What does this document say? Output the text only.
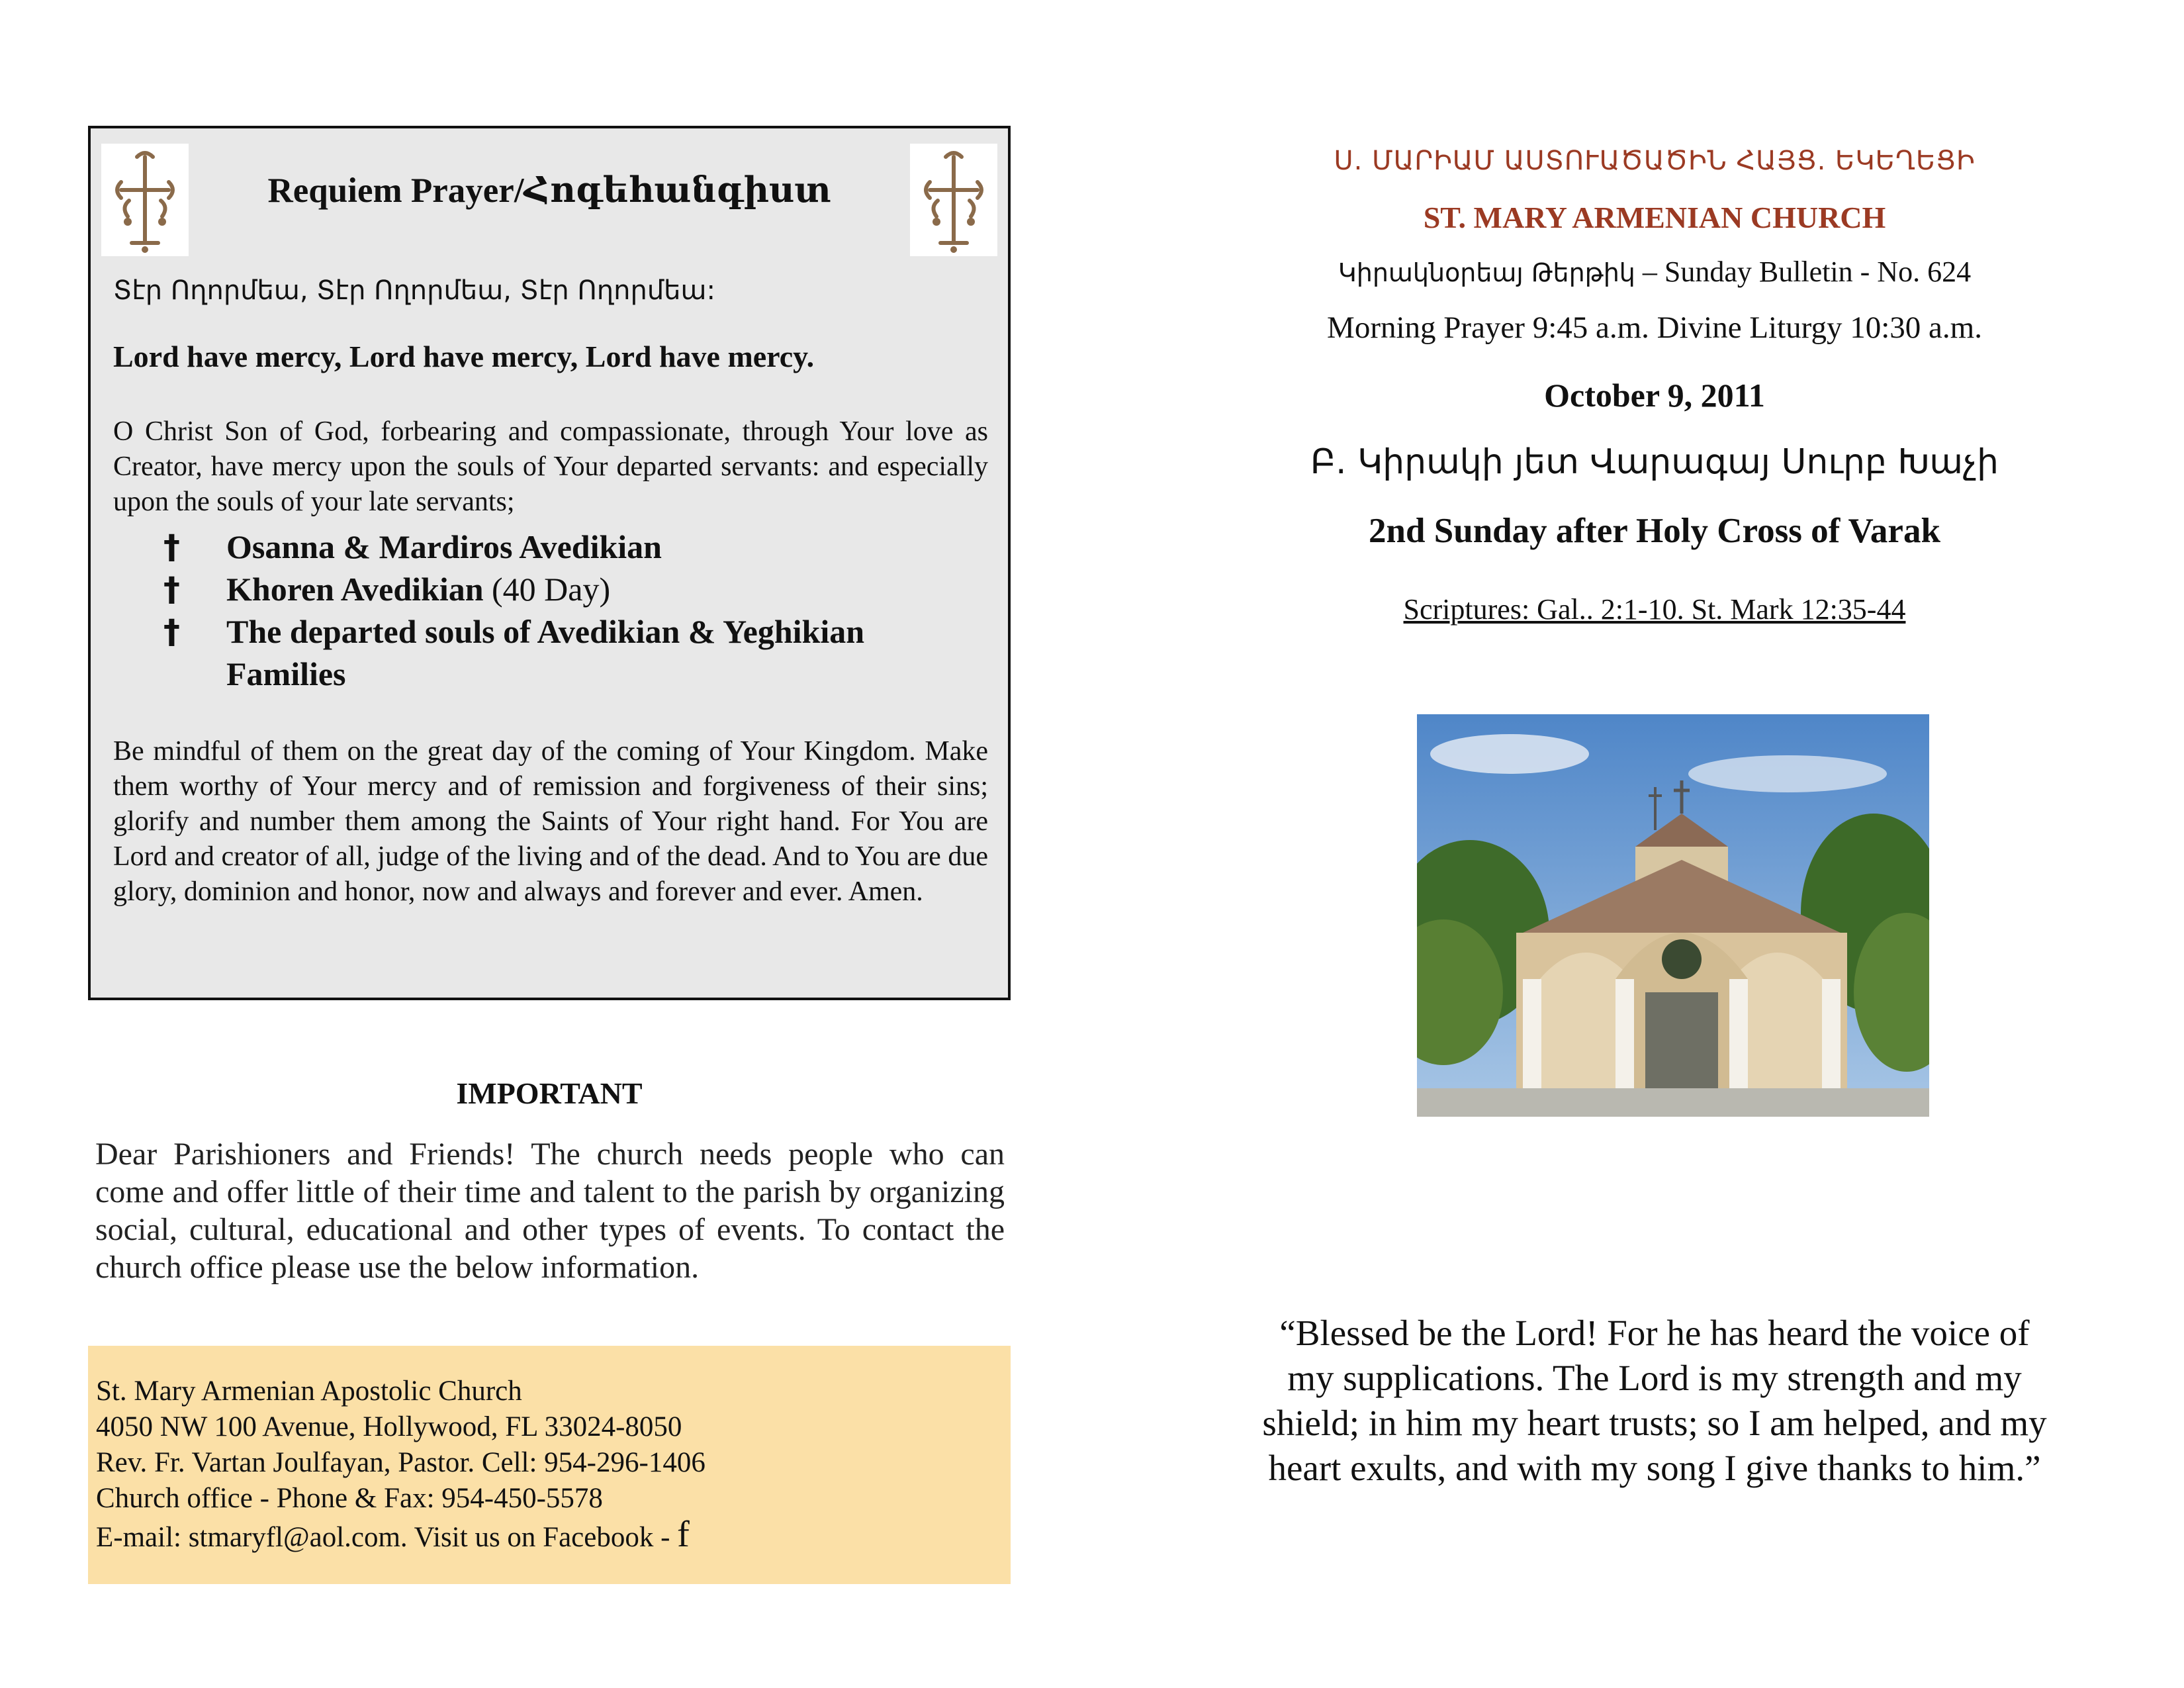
Requiem Prayer/Հոգեհանգիստ

Տէր Ողորմեա, Տէր Ողորմեա, Տէր Ողորմեա:

Lord have mercy, Lord have mercy, Lord have mercy.

O Christ Son of God, forbearing and compassionate, through Your love as Creator, have mercy upon the souls of Your departed servants: and especially upon the souls of your late servants;

† Osanna & Mardiros Avedikian
† Khoren Avedikian (40 Day)
† The departed souls of Avedikian & Yeghikian Families

Be mindful of them on the great day of the coming of Your Kingdom. Make them worthy of Your mercy and of remission and forgiveness of their sins; glorify and number them among the Saints of Your right hand. For You are Lord and creator of all, judge of the living and of the dead. And to You are due glory, dominion and honor, now and always and forever and ever. Amen.

IMPORTANT

Dear Parishioners and Friends! The church needs people who can come and offer little of their time and talent to the parish by organizing social, cultural, educational and other types of events. To contact the church office please use the below information.

St. Mary Armenian Apostolic Church

4050 NW 100 Avenue, Hollywood, FL 33024-8050

Rev. Fr. Vartan Joulfayan, Pastor. Cell: 954-296-1406

Church office - Phone & Fax: 954-450-5578

E-mail: stmaryfl@aol.com. Visit us on Facebook - f

Ս. ՄԱՐԻԱՄ ԱՍՏՈՒԱԾԱԾԻՆ ՀԱՅՑ. ԵԿԵՂԵՑԻ
ST. MARY ARMENIAN CHURCH
Կիրակնօրեայ Թերթիկ – Sunday Bulletin - No. 624
Morning Prayer 9:45 a.m. Divine Liturgy 10:30 a.m.
October 9, 2011
Բ. Կիրակի յետ Վարագայ Սուրբ Խաչի
2nd Sunday after Holy Cross of Varak
Scriptures: Gal.. 2:1-10. St. Mark 12:35-44

“Blessed be the Lord! For he has heard the voice of my supplications. The Lord is my strength and my shield; in him my heart trusts; so I am helped, and my heart exults, and with my song I give thanks to him.”
